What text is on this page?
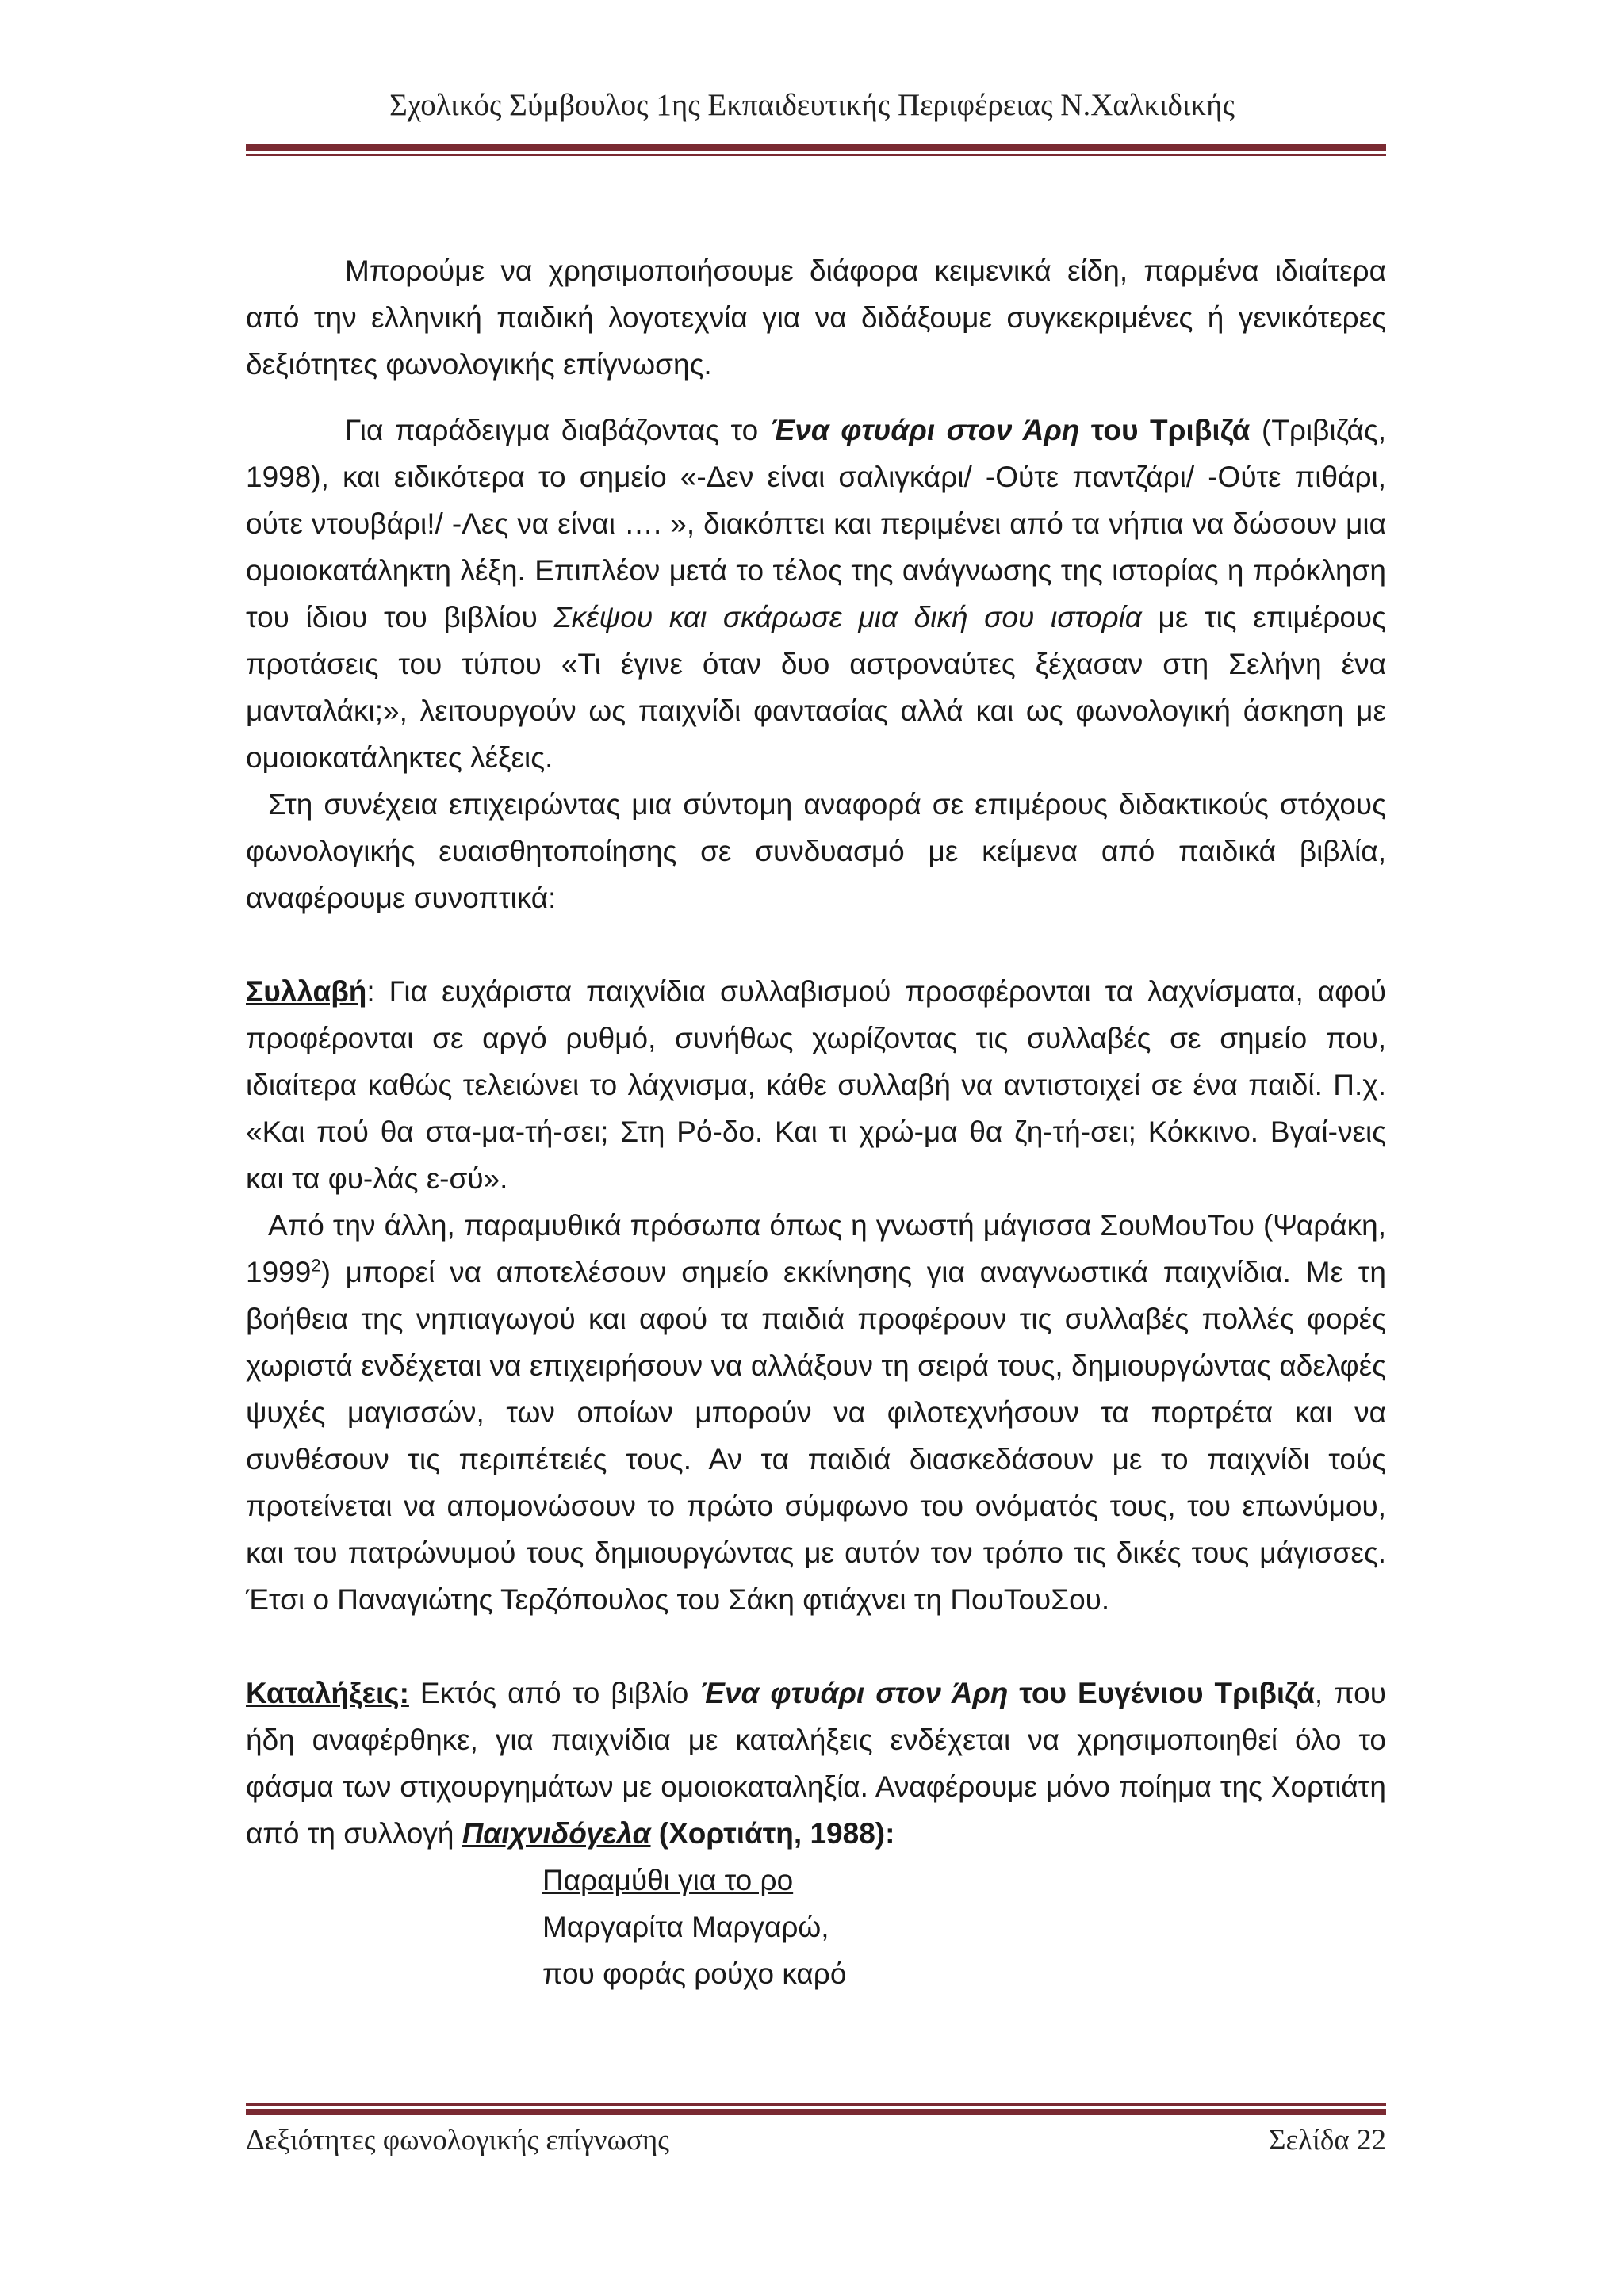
Σχολικός Σύμβουλος 1ης Εκπαιδευτικής Περιφέρειας Ν.Χαλκιδικής

Μπορούμε να χρησιμοποιήσουμε διάφορα κειμενικά είδη, παρμένα ιδιαίτερα από την ελληνική παιδική λογοτεχνία για να διδάξουμε συγκεκριμένες ή γενικότερες δεξιότητες φωνολογικής επίγνωσης.

Για παράδειγμα διαβάζοντας το Ένα φτυάρι στον Άρη του Τριβιζά (Τριβιζάς, 1998), και ειδικότερα το σημείο «-Δεν είναι σαλιγκάρι/ -Ούτε παντζάρι/ -Ούτε πιθάρι, ούτε ντουβάρι!/ -Λες να είναι …. », διακόπτει και περιμένει από τα νήπια να δώσουν μια ομοιοκατάληκτη λέξη. Επιπλέον μετά το τέλος της ανάγνωσης της ιστορίας η πρόκληση του ίδιου του βιβλίου Σκέψου και σκάρωσε μια δική σου ιστορία με τις επιμέρους προτάσεις του τύπου «Τι έγινε όταν δυο αστροναύτες ξέχασαν στη Σελήνη ένα μανταλάκι;», λειτουργούν ως παιχνίδι φαντασίας αλλά και ως φωνολογική άσκηση με ομοιοκατάληκτες λέξεις.

Στη συνέχεια επιχειρώντας μια σύντομη αναφορά σε επιμέρους διδακτικούς στόχους φωνολογικής ευαισθητοποίησης σε συνδυασμό με κείμενα από παιδικά βιβλία, αναφέρουμε συνοπτικά:

Συλλαβή: Για ευχάριστα παιχνίδια συλλαβισμού προσφέρονται τα λαχνίσματα, αφού προφέρονται σε αργό ρυθμό, συνήθως χωρίζοντας τις συλλαβές σε σημείο που, ιδιαίτερα καθώς τελειώνει το λάχνισμα, κάθε συλλαβή να αντιστοιχεί σε ένα παιδί. Π.χ. «Και πού θα στα-μα-τή-σει; Στη Ρό-δο. Και τι χρώ-μα θα ζη-τή-σει; Κόκκινο. Βγαί-νεις και τα φυ-λάς ε-σύ».

Από την άλλη, παραμυθικά πρόσωπα όπως η γνωστή μάγισσα ΣουΜουΤου (Ψαράκη, 1999$^2$) μπορεί να αποτελέσουν σημείο εκκίνησης για αναγνωστικά παιχνίδια. Με τη βοήθεια της νηπιαγωγού και αφού τα παιδιά προφέρουν τις συλλαβές πολλές φορές χωριστά ενδέχεται να επιχειρήσουν να αλλάξουν τη σειρά τους, δημιουργώντας αδελφές ψυχές μαγισσών, των οποίων μπορούν να φιλοτεχνήσουν τα πορτρέτα και να συνθέσουν τις περιπέτειές τους. Αν τα παιδιά διασκεδάσουν με το παιχνίδι τούς προτείνεται να απομονώσουν το πρώτο σύμφωνο του ονόματός τους, του επωνύμου, και του πατρώνυμού τους δημιουργώντας με αυτόν τον τρόπο τις δικές τους μάγισσες. Έτσι ο Παναγιώτης Τερζόπουλος του Σάκη φτιάχνει τη ΠουΤουΣου.

Καταλήξεις: Εκτός από το βιβλίο Ένα φτυάρι στον Άρη του Ευγένιου Τριβιζά, που ήδη αναφέρθηκε, για παιχνίδια με καταλήξεις ενδέχεται να χρησιμοποιηθεί όλο το φάσμα των στιχουργημάτων με ομοιοκαταληξία. Αναφέρουμε μόνο ποίημα της Χορτιάτη από τη συλλογή Παιχνιδόγελα (Χορτιάτη, 1988):

Παραμύθι για το ρο
Μαργαρίτα Μαργαρώ,
που φοράς ρούχο καρό
Δεξιότητες φωνολογικής επίγνωσης	Σελίδα 22
